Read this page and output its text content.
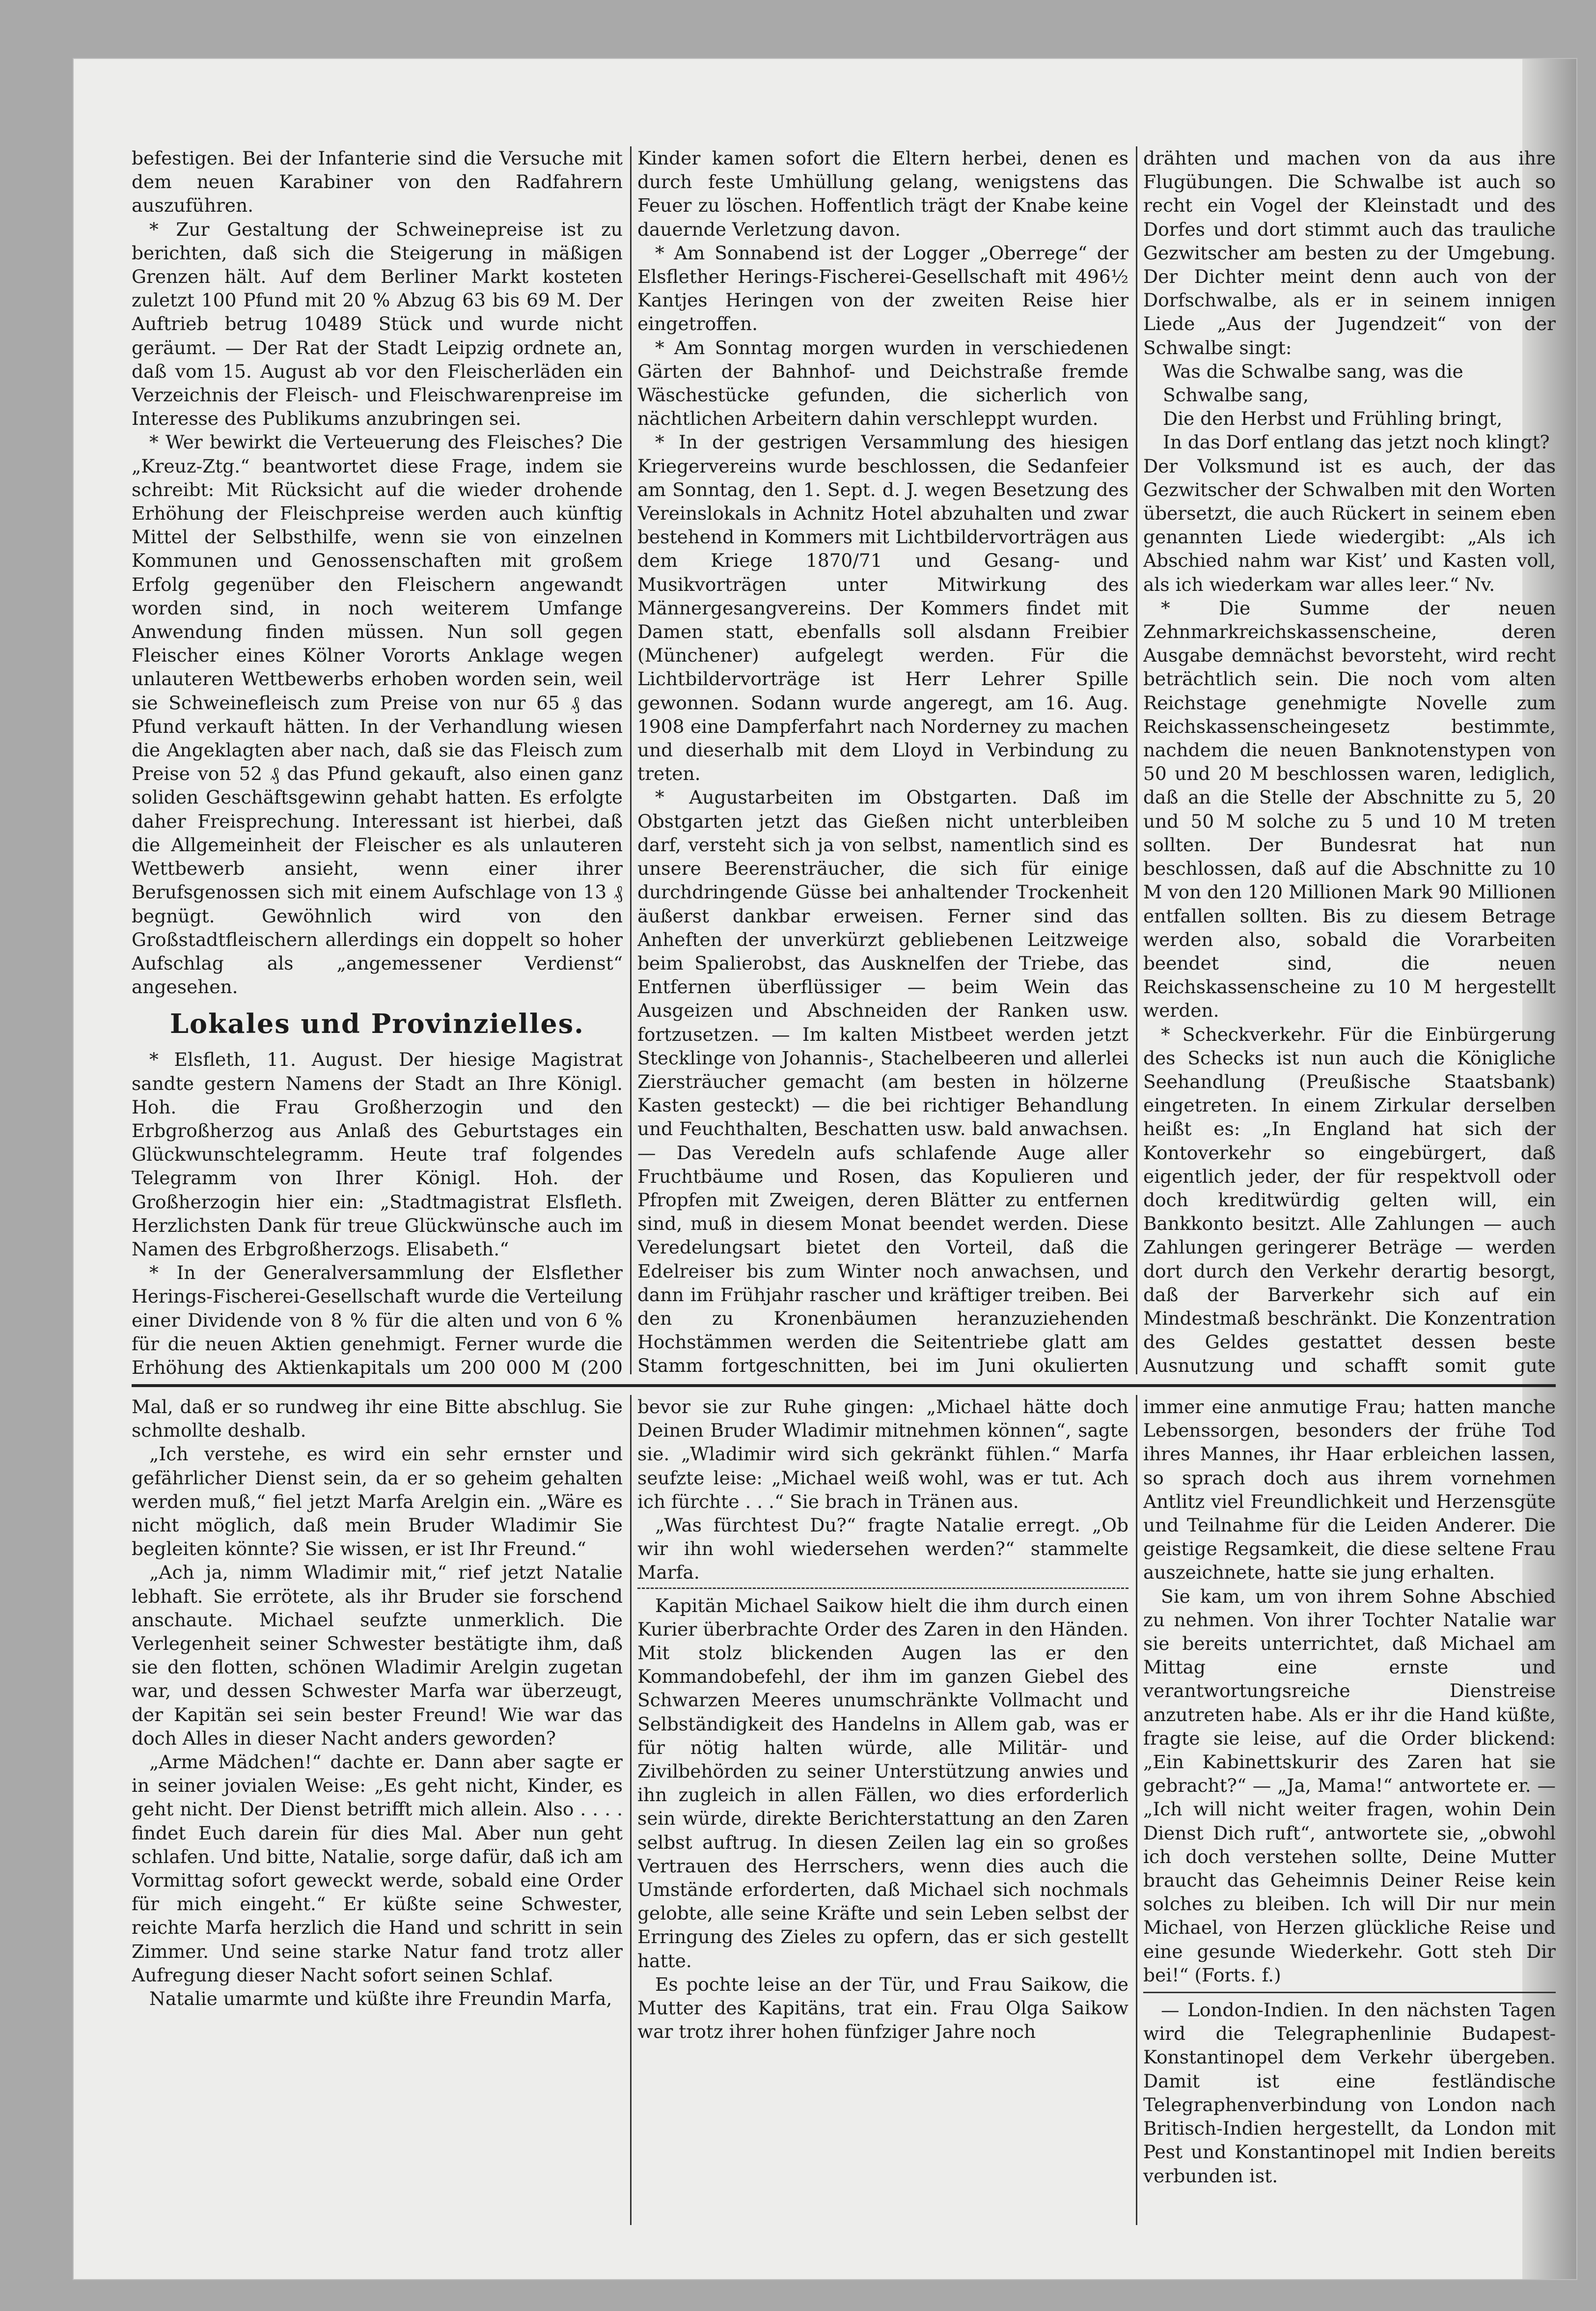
befestigen. Bei der Infanterie sind die Versuche mit dem neuen Karabiner von den Radfahrern auszuführen.

* Zur Gestaltung der Schweinepreise ist zu berichten, daß sich die Steigerung in mäßigen Grenzen hält. Auf dem Berliner Markt kosteten zuletzt 100 Pfund mit 20 % Abzug 63 bis 69 M. Der Auftrieb betrug 10489 Stück und wurde nicht geräumt. — Der Rat der Stadt Leipzig ordnete an, daß vom 15. August ab vor den Fleischerläden ein Verzeichnis der Fleisch- und Fleischwarenpreise im Interesse des Publikums anzubringen sei.

* Wer bewirkt die Verteuerung des Fleisches? Die „Kreuz-Ztg.“ beantwortet diese Frage, indem sie schreibt: Mit Rücksicht auf die wieder drohende Erhöhung der Fleischpreise werden auch künftig Mittel der Selbsthilfe, wenn sie von einzelnen Kommunen und Genossenschaften mit großem Erfolg gegenüber den Fleischern angewandt worden sind, in noch weiterem Umfange Anwendung finden müssen. Nun soll gegen Fleischer eines Kölner Vororts Anklage wegen unlauteren Wettbewerbs erhoben worden sein, weil sie Schweinefleisch zum Preise von nur 65 ₰ das Pfund verkauft hätten. In der Verhandlung wiesen die Angeklagten aber nach, daß sie das Fleisch zum Preise von 52 ₰ das Pfund gekauft, also einen ganz soliden Geschäftsgewinn gehabt hatten. Es erfolgte daher Freisprechung. Interessant ist hierbei, daß die Allgemeinheit der Fleischer es als unlauteren Wettbewerb ansieht, wenn einer ihrer Berufsgenossen sich mit einem Aufschlage von 13 ₰ begnügt. Gewöhnlich wird von den Großstadtfleischern allerdings ein doppelt so hoher Aufschlag als „angemessener Verdienst“ angesehen.

Lokales und Provinzielles.

* Elsfleth, 11. August. Der hiesige Magistrat sandte gestern Namens der Stadt an Ihre Königl. Hoh. die Frau Großherzogin und den Erbgroßherzog aus Anlaß des Geburtstages ein Glückwunschtelegramm. Heute traf folgendes Telegramm von Ihrer Königl. Hoh. der Großherzogin hier ein: „Stadtmagistrat Elsfleth. Herzlichsten Dank für treue Glückwünsche auch im Namen des Erbgroßherzogs. Elisabeth.“

* In der Generalversammlung der Elsflether Herings-Fischerei-Gesellschaft wurde die Verteilung einer Dividende von 8 % für die alten und von 6 % für die neuen Aktien genehmigt. Ferner wurde die Erhöhung des Aktienkapitals um 200 000 M (200

Kinder kamen sofort die Eltern herbei, denen es durch feste Umhüllung gelang, wenigstens das Feuer zu löschen. Hoffentlich trägt der Knabe keine dauernde Verletzung davon.

* Am Sonnabend ist der Logger „Oberrege“ der Elsflether Herings-Fischerei-Gesellschaft mit 496½ Kantjes Heringen von der zweiten Reise hier eingetroffen.

* Am Sonntag morgen wurden in verschiedenen Gärten der Bahnhof- und Deichstraße fremde Wäschestücke gefunden, die sicherlich von nächtlichen Arbeitern dahin verschleppt wurden.

* In der gestrigen Versammlung des hiesigen Kriegervereins wurde beschlossen, die Sedanfeier am Sonntag, den 1. Sept. d. J. wegen Besetzung des Vereinslokals in Achnitz Hotel abzuhalten und zwar bestehend in Kommers mit Lichtbildervorträgen aus dem Kriege 1870/71 und Gesang- und Musikvorträgen unter Mitwirkung des Männergesangvereins. Der Kommers findet mit Damen statt, ebenfalls soll alsdann Freibier (Münchener) aufgelegt werden. Für die Lichtbildervorträge ist Herr Lehrer Spille gewonnen. Sodann wurde angeregt, am 16. Aug. 1908 eine Dampferfahrt nach Norderney zu machen und dieserhalb mit dem Lloyd in Verbindung zu treten.

* Augustarbeiten im Obstgarten. Daß im Obstgarten jetzt das Gießen nicht unterbleiben darf, versteht sich ja von selbst, namentlich sind es unsere Beerensträucher, die sich für einige durchdringende Güsse bei anhaltender Trockenheit äußerst dankbar erweisen. Ferner sind das Anheften der unverkürzt gebliebenen Leitzweige beim Spalierobst, das Ausknelfen der Triebe, das Entfernen überflüssiger — beim Wein das Ausgeizen und Abschneiden der Ranken usw. fortzusetzen. — Im kalten Mistbeet werden jetzt Stecklinge von Johannis-, Stachelbeeren und allerlei Ziersträucher gemacht (am besten in hölzerne Kasten gesteckt) — die bei richtiger Behandlung und Feuchthalten, Beschatten usw. bald anwachsen. — Das Veredeln aufs schlafende Auge aller Fruchtbäume und Rosen, das Kopulieren und Pfropfen mit Zweigen, deren Blätter zu entfernen sind, muß in diesem Monat beendet werden. Diese Veredelungsart bietet den Vorteil, daß die Edelreiser bis zum Winter noch anwachsen, und dann im Frühjahr rascher und kräftiger treiben. Bei den zu Kronenbäumen heranzuziehenden Hochstämmen werden die Seitentriebe glatt am Stamm fortgeschnitten, bei im Juni okulierten

drähten und machen von da aus ihre Flugübungen. Die Schwalbe ist auch so recht ein Vogel der Kleinstadt und des Dorfes und dort stimmt auch das trauliche Gezwitscher am besten zu der Umgebung. Der Dichter meint denn auch von der Dorfschwalbe, als er in seinem innigen Liede „Aus der Jugendzeit“ von der Schwalbe singt:

Was die Schwalbe sang, was die Schwalbe sang,

Die den Herbst und Frühling bringt,

In das Dorf entlang das jetzt noch klingt?

Der Volksmund ist es auch, der das Gezwitscher der Schwalben mit den Worten übersetzt, die auch Rückert in seinem eben genannten Liede wiedergibt: „Als ich Abschied nahm war Kist’ und Kasten voll, als ich wiederkam war alles leer.“ Nv.

* Die Summe der neuen Zehnmarkreichskassenscheine, deren Ausgabe demnächst bevorsteht, wird recht beträchtlich sein. Die noch vom alten Reichstage genehmigte Novelle zum Reichskassenscheingesetz bestimmte, nachdem die neuen Banknotenstypen von 50 und 20 M beschlossen waren, lediglich, daß an die Stelle der Abschnitte zu 5, 20 und 50 M solche zu 5 und 10 M treten sollten. Der Bundesrat hat nun beschlossen, daß auf die Abschnitte zu 10 M von den 120 Millionen Mark 90 Millionen entfallen sollten. Bis zu diesem Betrage werden also, sobald die Vorarbeiten beendet sind, die neuen Reichskassenscheine zu 10 M hergestellt werden.

* Scheckverkehr. Für die Einbürgerung des Schecks ist nun auch die Königliche Seehandlung (Preußische Staatsbank) eingetreten. In einem Zirkular derselben heißt es: „In England hat sich der Kontoverkehr so eingebürgert, daß eigentlich jeder, der für respektvoll oder doch kreditwürdig gelten will, ein Bankkonto besitzt. Alle Zahlungen — auch Zahlungen geringerer Beträge — werden dort durch den Verkehr derartig besorgt, daß der Barverkehr sich auf ein Mindestmaß beschränkt. Die Konzentration des Geldes gestattet dessen beste Ausnutzung und schafft somit gute

Mal, daß er so rundweg ihr eine Bitte abschlug. Sie schmollte deshalb.

„Ich verstehe, es wird ein sehr ernster und gefährlicher Dienst sein, da er so geheim gehalten werden muß,“ fiel jetzt Marfa Arelgin ein. „Wäre es nicht möglich, daß mein Bruder Wladimir Sie begleiten könnte? Sie wissen, er ist Ihr Freund.“

„Ach ja, nimm Wladimir mit,“ rief jetzt Natalie lebhaft. Sie errötete, als ihr Bruder sie forschend anschaute. Michael seufzte unmerklich. Die Verlegenheit seiner Schwester bestätigte ihm, daß sie den flotten, schönen Wladimir Arelgin zugetan war, und dessen Schwester Marfa war überzeugt, der Kapitän sei sein bester Freund! Wie war das doch Alles in dieser Nacht anders geworden?

„Arme Mädchen!“ dachte er. Dann aber sagte er in seiner jovialen Weise: „Es geht nicht, Kinder, es geht nicht. Der Dienst betrifft mich allein. Also . . . . findet Euch darein für dies Mal. Aber nun geht schlafen. Und bitte, Natalie, sorge dafür, daß ich am Vormittag sofort geweckt werde, sobald eine Order für mich eingeht.“ Er küßte seine Schwester, reichte Marfa herzlich die Hand und schritt in sein Zimmer. Und seine starke Natur fand trotz aller Aufregung dieser Nacht sofort seinen Schlaf.

Natalie umarmte und küßte ihre Freundin Marfa,

bevor sie zur Ruhe gingen: „Michael hätte doch Deinen Bruder Wladimir mitnehmen können“, sagte sie. „Wladimir wird sich gekränkt fühlen.“ Marfa seufzte leise: „Michael weiß wohl, was er tut. Ach ich fürchte . . .“ Sie brach in Tränen aus.

„Was fürchtest Du?“ fragte Natalie erregt. „Ob wir ihn wohl wiedersehen werden?“ stammelte Marfa.

Kapitän Michael Saikow hielt die ihm durch einen Kurier überbrachte Order des Zaren in den Händen. Mit stolz blickenden Augen las er den Kommandobefehl, der ihm im ganzen Giebel des Schwarzen Meeres unumschränkte Vollmacht und Selbständigkeit des Handelns in Allem gab, was er für nötig halten würde, alle Militär- und Zivilbehörden zu seiner Unterstützung anwies und ihn zugleich in allen Fällen, wo dies erforderlich sein würde, direkte Berichterstattung an den Zaren selbst auftrug. In diesen Zeilen lag ein so großes Vertrauen des Herrschers, wenn dies auch die Umstände erforderten, daß Michael sich nochmals gelobte, alle seine Kräfte und sein Leben selbst der Erringung des Zieles zu opfern, das er sich gestellt hatte.

Es pochte leise an der Tür, und Frau Saikow, die Mutter des Kapitäns, trat ein. Frau Olga Saikow war trotz ihrer hohen fünfziger Jahre noch

immer eine anmutige Frau; hatten manche Lebenssorgen, besonders der frühe Tod ihres Mannes, ihr Haar erbleichen lassen, so sprach doch aus ihrem vornehmen Antlitz viel Freundlichkeit und Herzensgüte und Teilnahme für die Leiden Anderer. Die geistige Regsamkeit, die diese seltene Frau auszeichnete, hatte sie jung erhalten.

Sie kam, um von ihrem Sohne Abschied zu nehmen. Von ihrer Tochter Natalie war sie bereits unterrichtet, daß Michael am Mittag eine ernste und verantwortungsreiche Dienstreise anzutreten habe. Als er ihr die Hand küßte, fragte sie leise, auf die Order blickend: „Ein Kabinettskurir des Zaren hat sie gebracht?“ — „Ja, Mama!“ antwortete er. — „Ich will nicht weiter fragen, wohin Dein Dienst Dich ruft“, antwortete sie, „obwohl ich doch verstehen sollte, Deine Mutter braucht das Geheimnis Deiner Reise kein solches zu bleiben. Ich will Dir nur mein Michael, von Herzen glückliche Reise und eine gesunde Wiederkehr. Gott steh Dir bei!“ (Forts. f.)

— London-Indien. In den nächsten Tagen wird die Telegraphenlinie Budapest-Konstantinopel dem Verkehr übergeben. Damit ist eine festländische Telegraphenverbindung von London nach Britisch-Indien hergestellt, da London mit Pest und Konstantinopel mit Indien bereits verbunden ist.
